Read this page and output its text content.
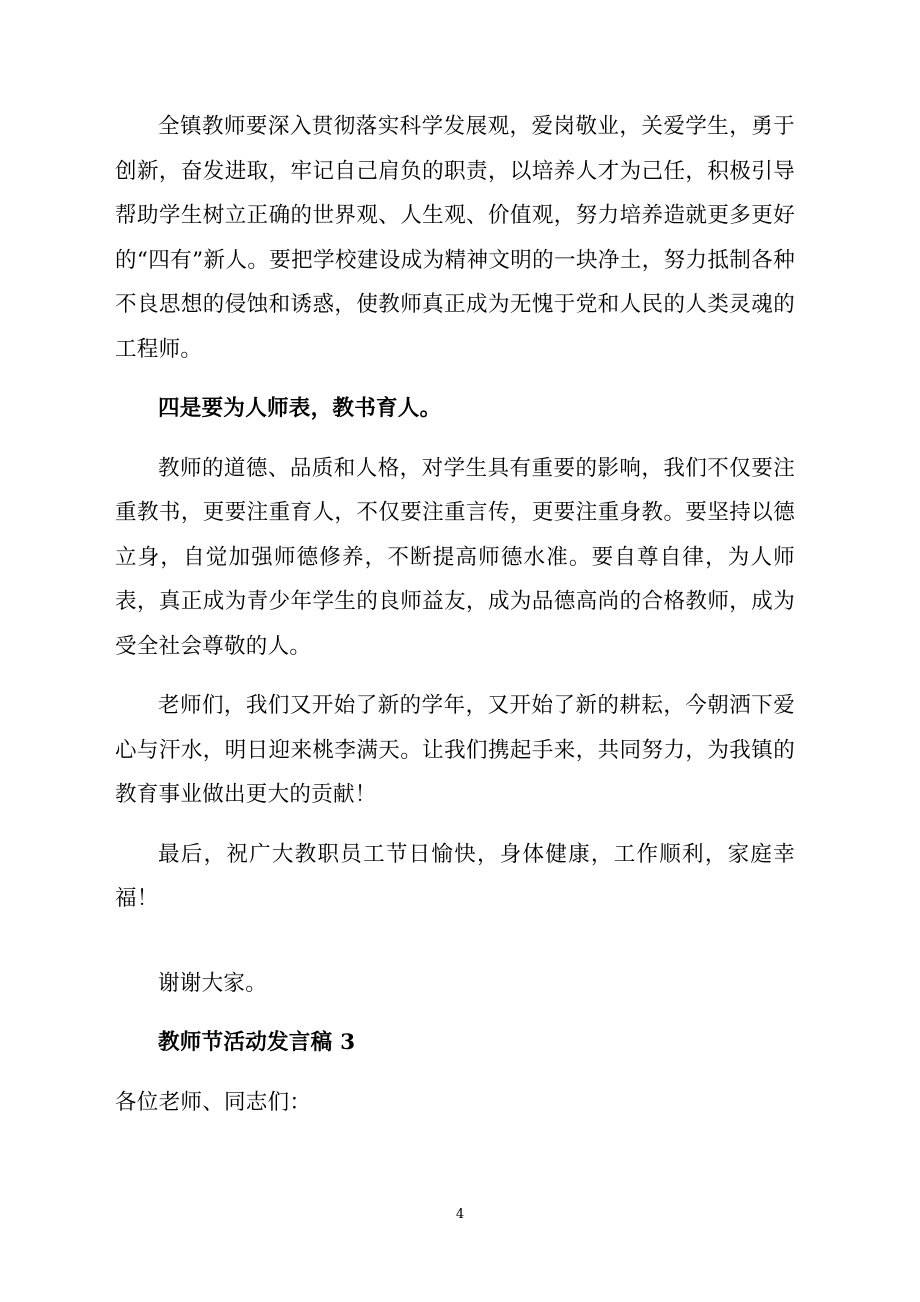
全镇教师要深入贯彻落实科学发展观，爱岗敬业，关爱学生，勇于创新，奋发进取，牢记自己肩负的职责，以培养人才为己任，积极引导帮助学生树立正确的世界观、人生观、价值观，努力培养造就更多更好的“四有”新人。要把学校建设成为精神文明的一块净土，努力抵制各种不良思想的侵蚀和诱惑，使教师真正成为无愧于党和人民的人类灵魂的工程师。

四是要为人师表，教书育人。

教师的道德、品质和人格，对学生具有重要的影响，我们不仅要注重教书，更要注重育人，不仅要注重言传，更要注重身教。要坚持以德立身，自觉加强师德修养，不断提高师德水准。要自尊自律，为人师表，真正成为青少年学生的良师益友，成为品德高尚的合格教师，成为受全社会尊敬的人。

老师们，我们又开始了新的学年，又开始了新的耕耘，今朝洒下爱心与汗水，明日迎来桃李满天。让我们携起手来，共同努力，为我镇的教育事业做出更大的贡献！

最后，祝广大教职员工节日愉快，身体健康，工作顺利，家庭幸福！

谢谢大家。

教师节活动发言稿 3

各位老师、同志们：

4
